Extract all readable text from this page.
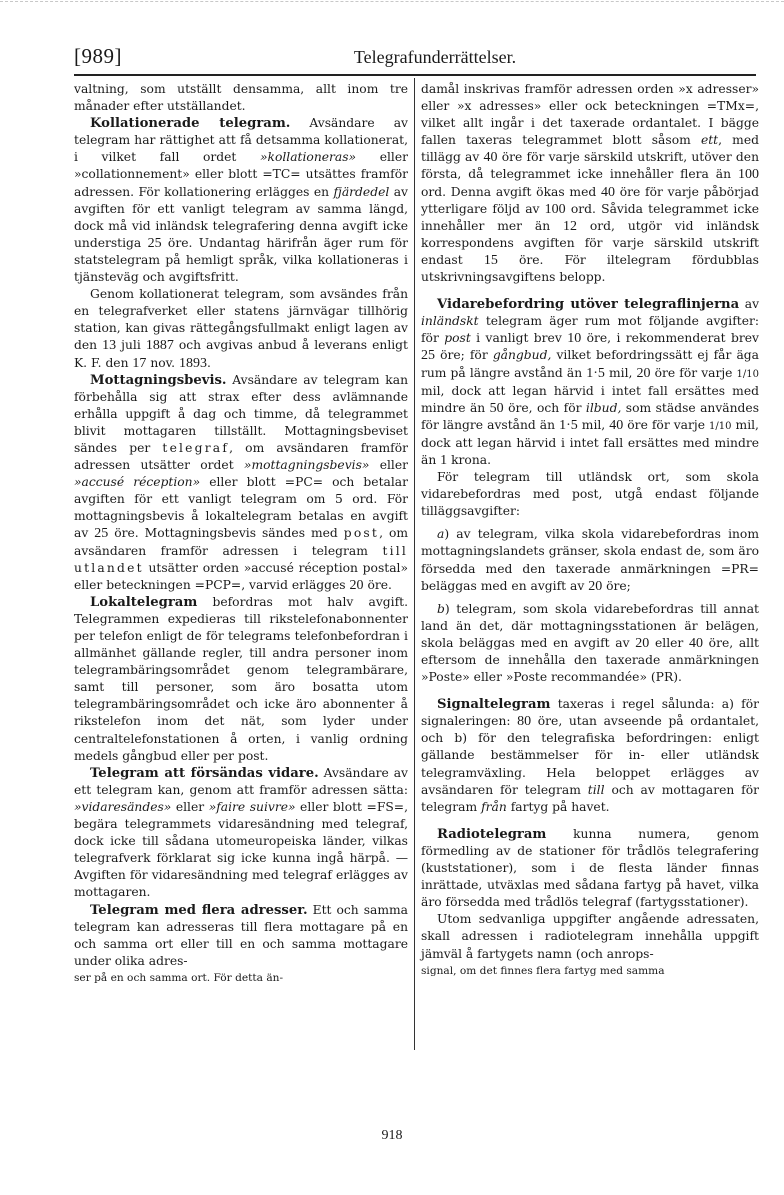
[989]	Telegrafunderrättelser.

valtning, som utställt densamma, allt inom tre månader efter utställandet.

Kollationerade telegram. Avsändare av telegram har rättighet att få detsamma kollationerat, i vilket fall ordet »kollationeras» eller »collationnement» eller blott =TC= utsättes framför adressen. För kollationering erlägges en fjärdedel av avgiften för ett vanligt telegram av samma längd, dock må vid inländsk telegrafering denna avgift icke understiga 25 öre. Undantag härifrån äger rum för statstelegram på hemligt språk, vilka kollationeras i tjänsteväg och avgiftsfritt.

Genom kollationerat telegram, som avsändes från en telegrafverket eller statens järnvägar tillhörig station, kan givas rättegångsfullmakt enligt lagen av den 13 juli 1887 och avgivas anbud å leverans enligt K. F. den 17 nov. 1893.

Mottagningsbevis. Avsändare av telegram kan förbehålla sig att strax efter dess avlämnande erhålla uppgift å dag och timme, då telegrammet blivit mottagaren tillställt. Mottagningsbeviset sändes per telegraf, om avsändaren framför adressen utsätter ordet »mottagningsbevis» eller »accusé réception» eller blott =PC= och betalar avgiften för ett vanligt telegram om 5 ord. För mottagningsbevis å lokaltelegram betalas en avgift av 25 öre. Mottagningsbevis sändes med post, om avsändaren framför adressen i telegram till utlandet utsätter orden »accusé réception postal» eller beteckningen =PCP=, varvid erlägges 20 öre.

Lokaltelegram befordras mot halv avgift. Telegrammen expedieras till rikstelefonabonnenter per telefon enligt de för telegrams telefonbefordran i allmänhet gällande regler, till andra personer inom telegrambäringsområdet genom telegrambärare, samt till personer, som äro bosatta utom telegrambäringsområdet och icke äro abonnenter å rikstelefon inom det nät, som lyder under centraltelefonstationen å orten, i vanlig ordning medels gångbud eller per post.

Telegram att försändas vidare. Avsändare av ett telegram kan, genom att framför adressen sätta: »vidaresändes» eller »faire suivre» eller blott =FS=, begära telegrammets vidaresändning med telegraf, dock icke till sådana utomeuropeiska länder, vilkas telegrafverk förklarat sig icke kunna ingå härpå. — Avgiften för vidaresändning med telegraf erlägges av mottagaren.

Telegram med flera adresser. Ett och samma telegram kan adresseras till flera mottagare på en och samma ort eller till en och samma mottagare under olika adres-

ser på en och samma ort. För detta än-

damål inskrivas framför adressen orden »x adresser» eller »x adresses» eller ock beteckningen =TMx=, vilket allt ingår i det taxerade ordantalet. I bägge fallen taxeras telegrammet blott såsom ett, med tillägg av 40 öre för varje särskild utskrift, utöver den första, då telegrammet icke innehåller flera än 100 ord. Denna avgift ökas med 40 öre för varje påbörjad ytterligare följd av 100 ord. Såvida telegrammet icke innehåller mer än 12 ord, utgör vid inländsk korrespondens avgiften för varje särskild utskrift endast 15 öre. För iltelegram fördubblas utskrivningsavgiftens belopp.

Vidarebefordring utöver telegraflinjerna av inländskt telegram äger rum mot följande avgifter: för post i vanligt brev 10 öre, i rekommenderat brev 25 öre; för gångbud, vilket befordringssätt ej får äga rum på längre avstånd än 1·5 mil, 20 öre för varje 1/10 mil, dock att legan härvid i intet fall ersättes med mindre än 50 öre, och för ilbud, som städse användes för längre avstånd än 1·5 mil, 40 öre för varje 1/10 mil, dock att legan härvid i intet fall ersättes med mindre än 1 krona.

För telegram till utländsk ort, som skola vidarebefordras med post, utgå endast följande tilläggsavgifter:

a) av telegram, vilka skola vidarebefordras inom mottagningslandets gränser, skola endast de, som äro försedda med den taxerade anmärkningen =PR= beläggas med en avgift av 20 öre;

b) telegram, som skola vidarebefordras till annat land än det, där mottagningsstationen är belägen, skola beläggas med en avgift av 20 eller 40 öre, allt eftersom de innehålla den taxerade anmärkningen »Poste» eller »Poste recommandée» (PR).

Signaltelegram taxeras i regel sålunda: a) för signaleringen: 80 öre, utan avseende på ordantalet, och b) för den telegrafiska befordringen: enligt gällande bestämmelser för in- eller utländsk telegramväxling. Hela beloppet erlägges av avsändaren för telegram till och av mottagaren för telegram från fartyg på havet.

Radiotelegram kunna numera, genom förmedling av de stationer för trådlös telegrafering (kuststationer), som i de flesta länder finnas inrättade, utväxlas med sådana fartyg på havet, vilka äro försedda med trådlös telegraf (fartygsstationer).

Utom sedvanliga uppgifter angående adressaten, skall adressen i radiotelegram innehålla uppgift jämväl å fartygets namn (och anrops-

signal, om det finnes flera fartyg med samma

918
